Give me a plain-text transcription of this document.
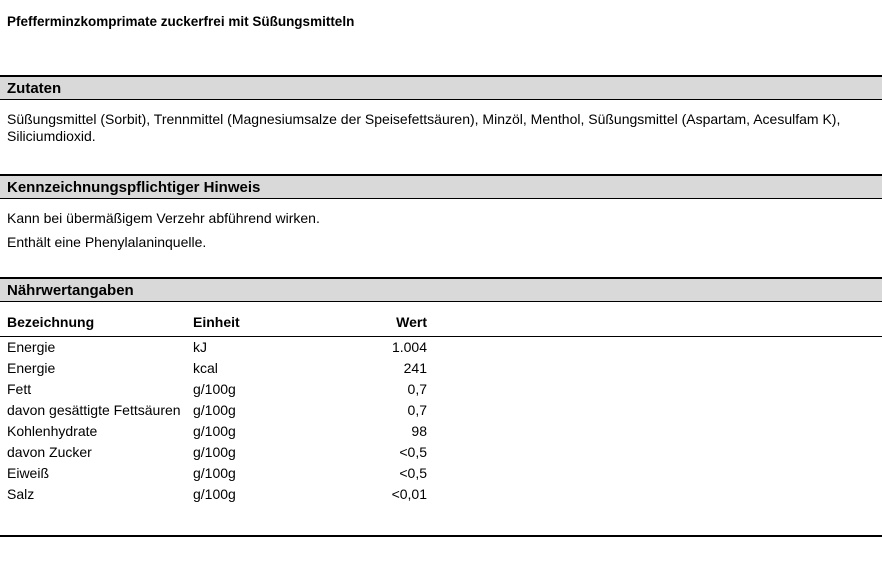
Pfefferminzkomprimate zuckerfrei mit Süßungsmitteln
Zutaten

Süßungsmittel (Sorbit), Trennmittel (Magnesiumsalze der Speisefettsäuren), Minzöl, Menthol, Süßungsmittel (Aspartam, Acesulfam K), Siliciumdioxid.

Kennzeichnungspflichtiger Hinweis

Kann bei übermäßigem Verzehr abführend wirken.

Enthält eine Phenylalaninquelle.

Nährwertangaben
Bezeichnung	Einheit	Wert	
Energie	kJ	1.004	
Energie	kcal	241	
Fett	g/100g	0,7	
davon gesättigte Fettsäuren	g/100g	0,7	
Kohlenhydrate	g/100g	98	
davon Zucker	g/100g	<0,5	
Eiweiß	g/100g	<0,5	
Salz	g/100g	<0,01	
